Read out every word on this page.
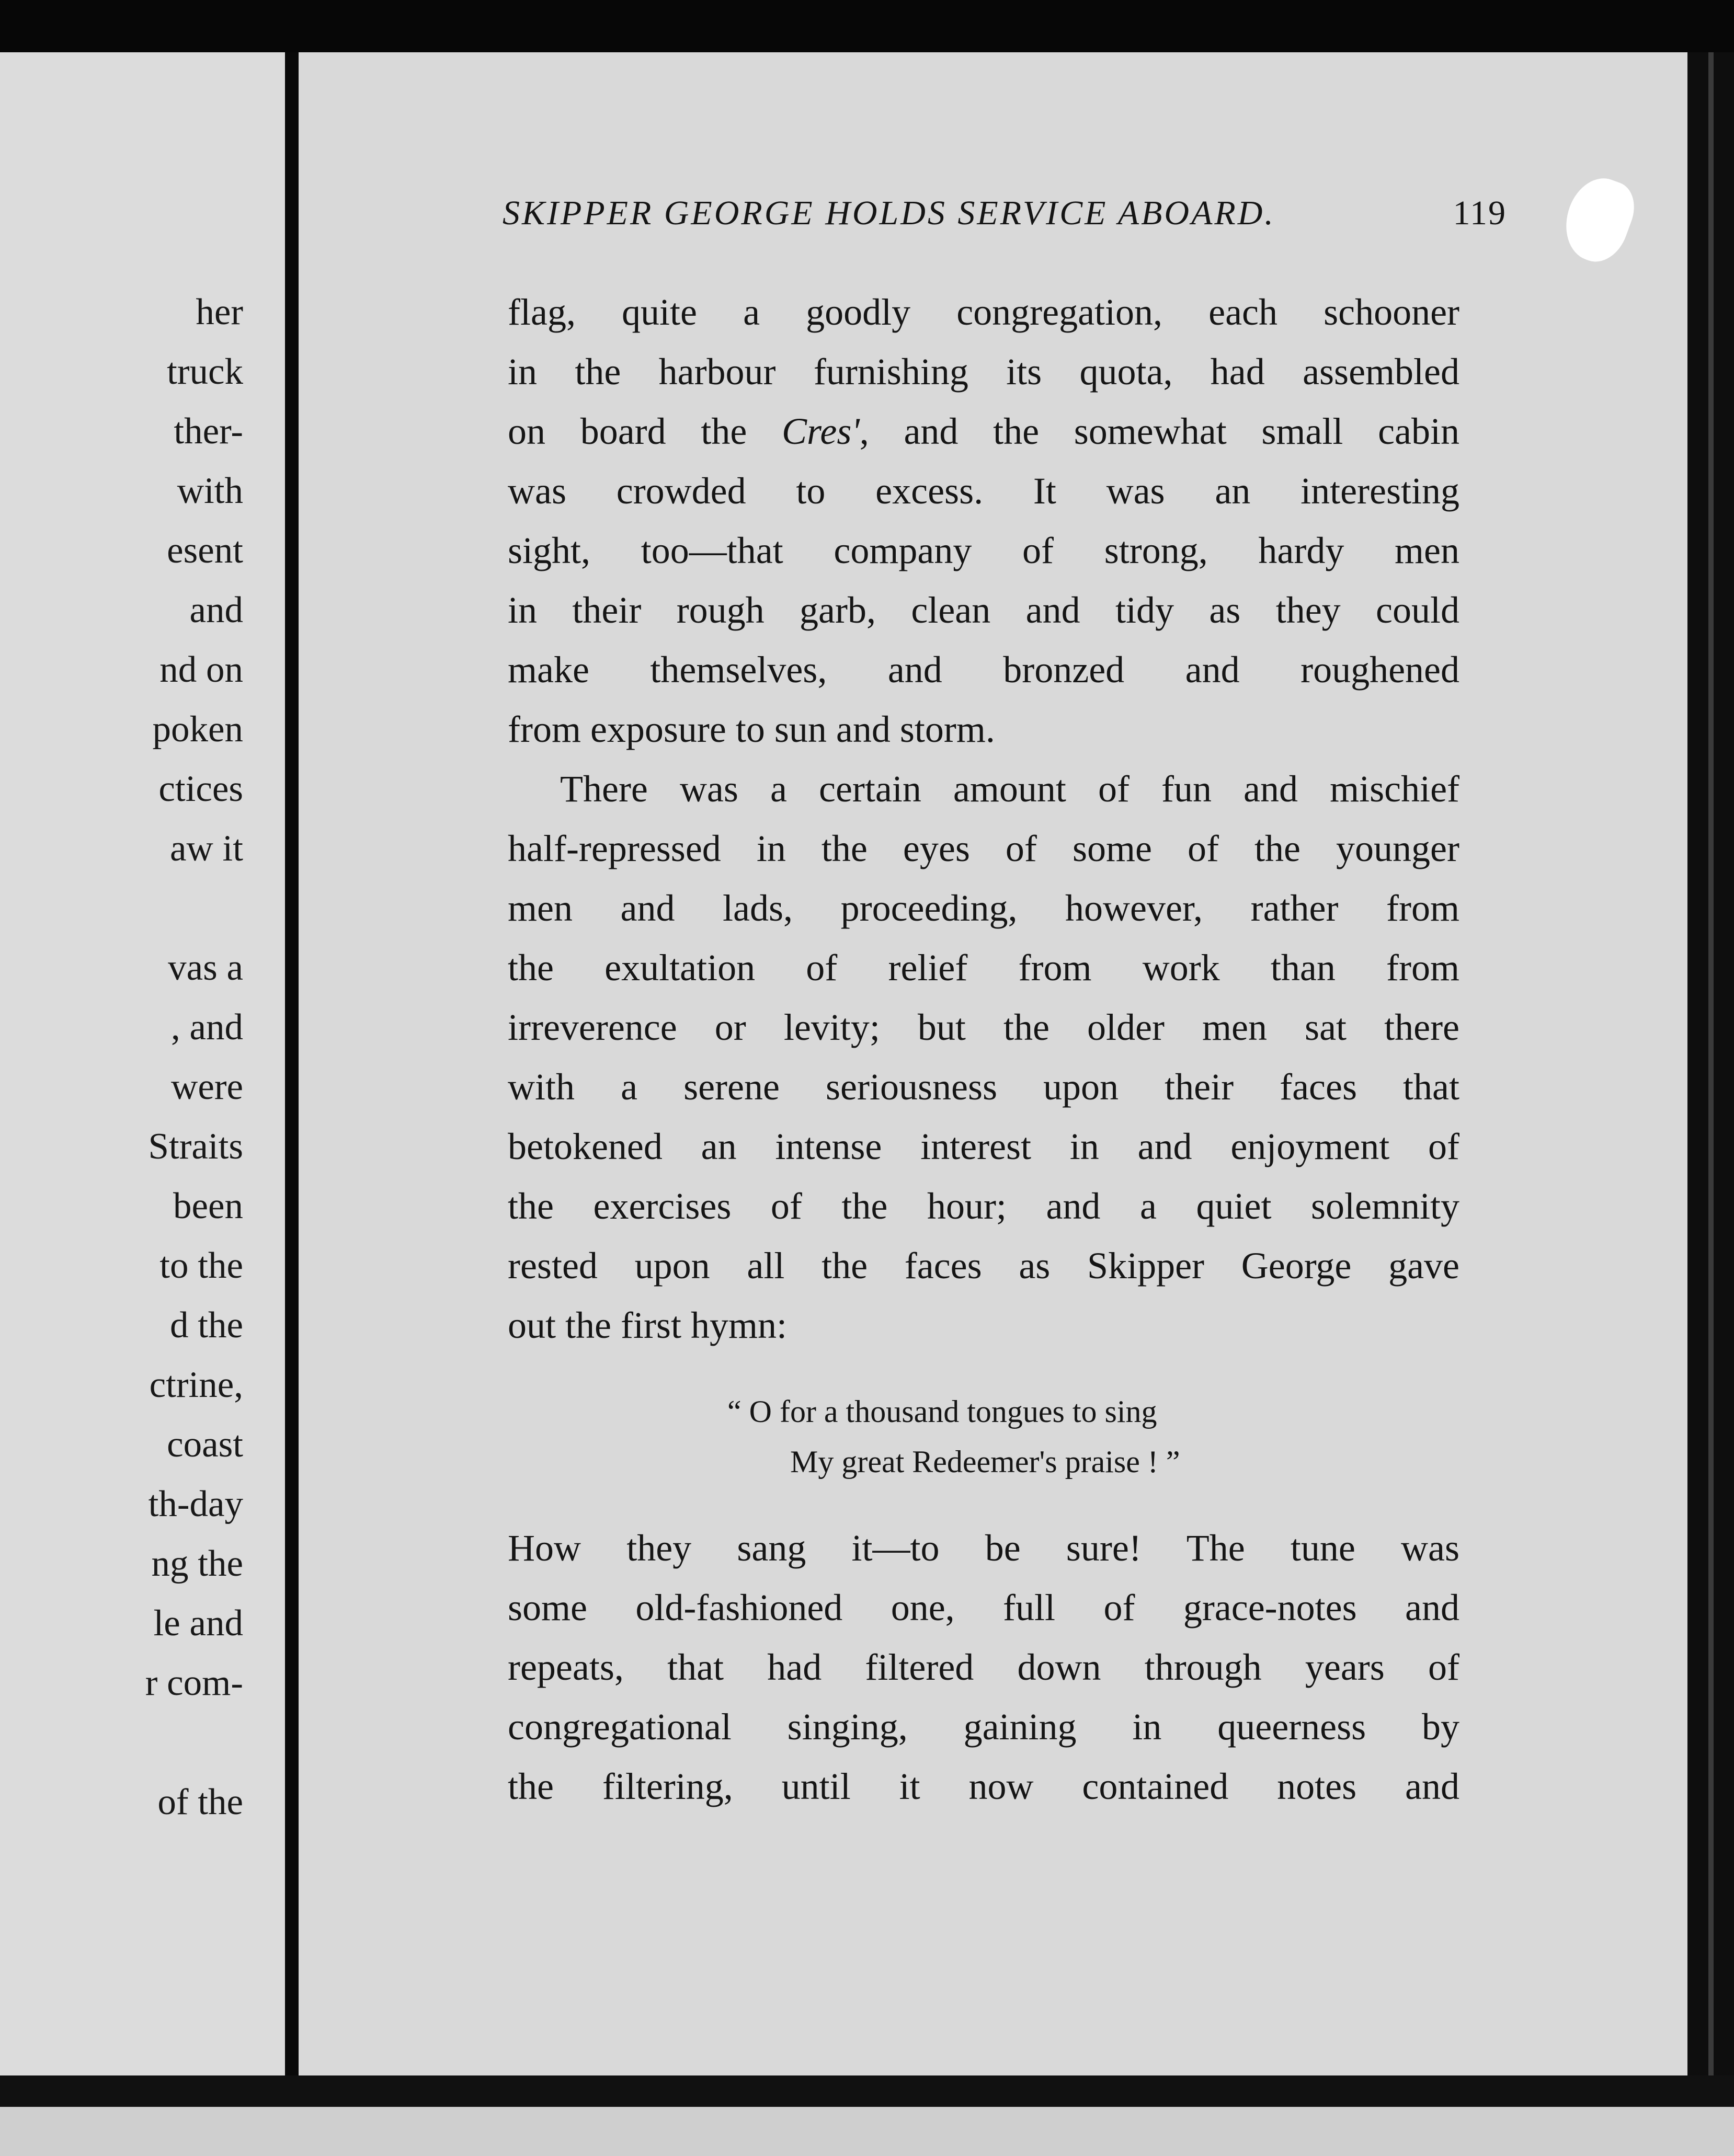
her
truck
ther-
with
esent
and
nd on
poken
ctices
aw it
vas a
, and
were
Straits
been
to the
d the
ctrine,
coast
th-day
ng the
le and
r com-
of the
SKIPPER GEORGE HOLDS SERVICE ABOARD.	119
flag, quite a goodly congregation, each schooner
in the harbour furnishing its quota, had assembled
on board the Cres', and the somewhat small cabin
was crowded to excess. It was an interesting
sight, too—that company of strong, hardy men
in their rough garb, clean and tidy as they could
make themselves, and bronzed and roughened
from exposure to sun and storm.
There was a certain amount of fun and mischief
half-repressed in the eyes of some of the younger
men and lads, proceeding, however, rather from
the exultation of relief from work than from
irreverence or levity; but the older men sat there
with a serene seriousness upon their faces that
betokened an intense interest in and enjoyment of
the exercises of the hour; and a quiet solemnity
rested upon all the faces as Skipper George gave
out the first hymn:
“ O for a thousand tongues to sing
My great Redeemer's praise ! ”
How they sang it—to be sure! The tune was
some old-fashioned one, full of grace-notes and
repeats, that had filtered down through years of
congregational singing, gaining in queerness by
the filtering, until it now contained notes and
